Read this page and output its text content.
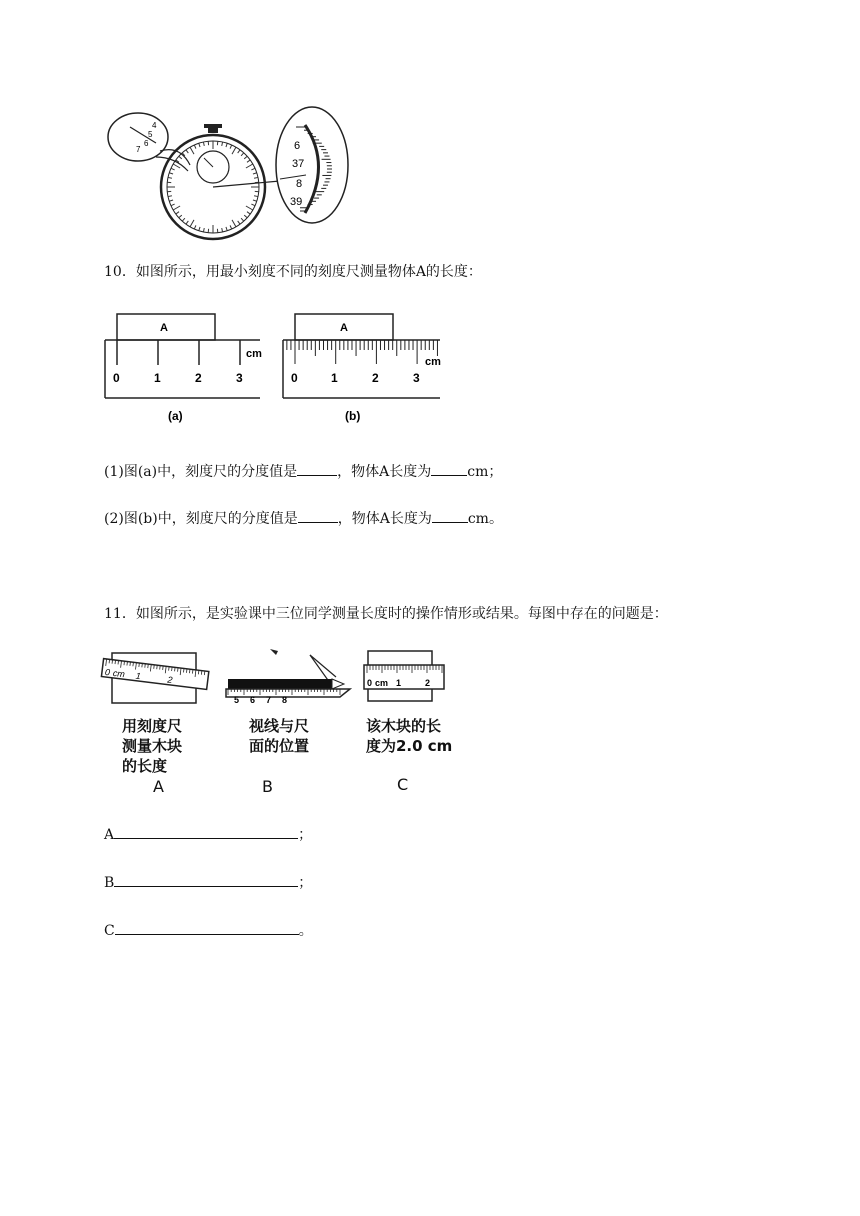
4
5
6
7	6
37
8
39
10．如图所示，用最小刻度不同的刻度尺测量物体A的长度：
A
0	1	2	3
cm
(a)
A
0	1	2	3
cm
(b)
(1)图(a)中，刻度尺的分度值是	，物体A长度为	cm；
(2)图(b)中，刻度尺的分度值是	，物体A长度为	cm。
11．如图所示，是实验课中三位同学测量长度时的操作情形或结果。每图中存在的问题是：
0 cm 1	2
5 6 7 8
0 cm 1	2
用刻度尺
测量木块
的长度
视线与尺
面的位置
该木块的长
度为2.0 cm
A	B	C
A	；
B	；
C	。
